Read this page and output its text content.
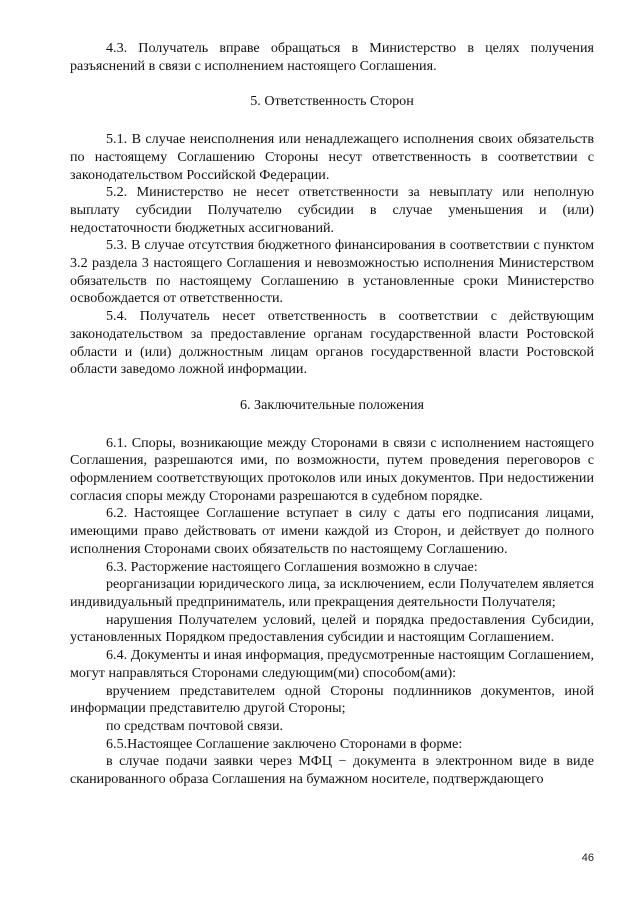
4.3. Получатель вправе обращаться в Министерство в целях получения разъяснений в связи с исполнением настоящего Соглашения.

5. Ответственность Сторон

5.1. В случае неисполнения или ненадлежащего исполнения своих обязательств по настоящему Соглашению Стороны несут ответственность в соответствии с законодательством Российской Федерации.

5.2. Министерство не несет ответственности за невыплату или неполную выплату субсидии Получателю субсидии в случае уменьшения и (или) недостаточности бюджетных ассигнований.

5.3. В случае отсутствия бюджетного финансирования в соответствии с пунктом 3.2 раздела 3 настоящего Соглашения и невозможностью исполнения Министерством обязательств по настоящему Соглашению в установленные сроки Министерство освобождается от ответственности.

5.4. Получатель несет ответственность в соответствии с действующим законодательством за предоставление органам государственной власти Ростовской области и (или) должностным лицам органов государственной власти Ростовской области заведомо ложной информации.

6. Заключительные положения

6.1. Споры, возникающие между Сторонами в связи с исполнением настоящего Соглашения, разрешаются ими, по возможности, путем проведения переговоров с оформлением соответствующих протоколов или иных документов. При недостижении согласия споры между Сторонами разрешаются в судебном порядке.

6.2. Настоящее Соглашение вступает в силу с даты его подписания лицами, имеющими право действовать от имени каждой из Сторон, и действует до полного исполнения Сторонами своих обязательств по настоящему Соглашению.

6.3. Расторжение настоящего Соглашения возможно в случае:

реорганизации юридического лица, за исключением, если Получателем является индивидуальный предприниматель, или прекращения деятельности Получателя;

нарушения Получателем условий, целей и порядка предоставления Субсидии, установленных Порядком предоставления субсидии и настоящим Соглашением.

6.4. Документы и иная информация, предусмотренные настоящим Соглашением, могут направляться Сторонами следующим(ми) способом(ами):

вручением представителем одной Стороны подлинников документов, иной информации представителю другой Стороны;

по средствам почтовой связи.

6.5.Настоящее Соглашение заключено Сторонами в форме:

в случае подачи заявки через МФЦ − документа в электронном виде в виде сканированного образа Соглашения на бумажном носителе, подтверждающего

46
